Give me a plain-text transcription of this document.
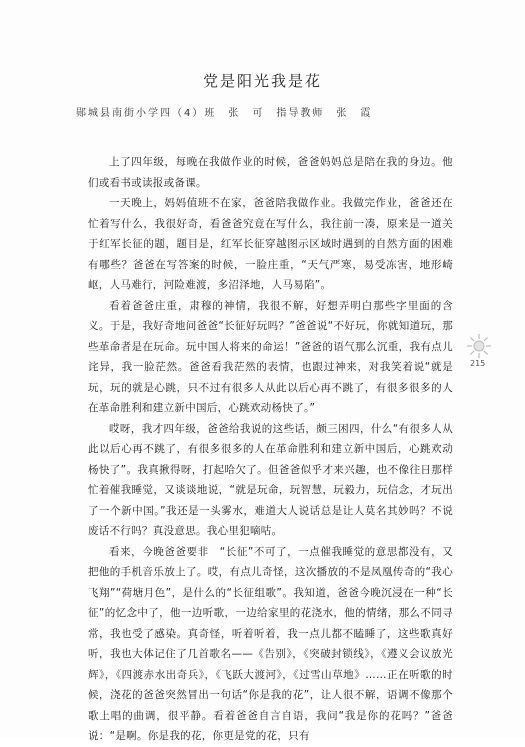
党是阳光我是花
郧城县南街小学四（4）班　张　可　指导教师　张　霞

上了四年级，每晚在我做作业的时候，爸爸妈妈总是陪在我的身边。他们或看书或读报或备课。

一天晚上，妈妈值班不在家，爸爸陪我做作业。我做完作业，爸爸还在忙着写什么，我很好奇，看爸爸究竟在写什么，我往前一凑，原来是一道关于红军长征的题，题目是，红军长征穿越图示区域时遇到的自然方面的困难有哪些？爸爸在写答案的时候，一脸庄重，“天气严寒，易受冻害，地形崎岖，人马难行，河险难渡，多沼泽地，人马易陷”。

看着爸爸庄重，肃穆的神情，我很不解，好想弄明白那些字里面的含义。于是，我好奇地问爸爸“长征好玩吗？”爸爸说“不好玩，你就知道玩，那些革命者是在玩命。玩中国人将来的命运！”爸爸的语气那么沉重，我有点儿诧异，我一脸茫然。爸爸看我茫然的表情，也跟过神来，对我笑着说“就是玩，玩的就是心跳，只不过有很多人从此以后心再不跳了，有很多很多的人在革命胜利和建立新中国后，心跳欢动杨快了。”

哎呀，我才四年级，爸爸给我说的这些话，颇三困四，什么“有很多人从此以后心再不跳了，有很多很多的人在革命胜利和建立新中国后，心跳欢动杨快了”。我真揪得呀，打起哈欠了。但爸爸似乎才来兴趣，也不像往日那样忙着催我睡觉，又谈谈地说，“就是玩命，玩智慧，玩毅力，玩信念，才玩出了一个新中国。”我还是一头雾水，难道大人说话总是让人莫名其妙吗？不说废话不行吗？真没意思。我心里犯嘀咕。

看来，今晚爸爸要非　“长征”不可了，一点催我睡觉的意思都没有，又把他的手机音乐放上了。哎，有点儿奇怪，这次播放的不是凤凰传奇的“我心飞翔”“荷塘月色”，是什么的“长征组歌”。我知道，爸爸今晚沉浸在一种“长征”的忆念中了，他一边听歌，一边给家里的花浇水，他的情绪，那么不同寻常，我也受了感染。真奇怪，听着听着，我一点儿都不瞌睡了，这些歌真好听，我也大体记住了几首歌名——《告别》，《突破封锁线》，《遵义会议放光辉》，《四渡赤水出奇兵》，《飞跃大渡河》，《过雪山草地》……正在听歌的时候，浇花的爸爸突然冒出一句话“你是我的花”，让人很不解，语调不像那个歌上唱的曲调，很平静。看着爸爸自言自语，我问“我是你的花吗？”爸爸说：“是啊。你是我的花，你更是党的花，只有

215
